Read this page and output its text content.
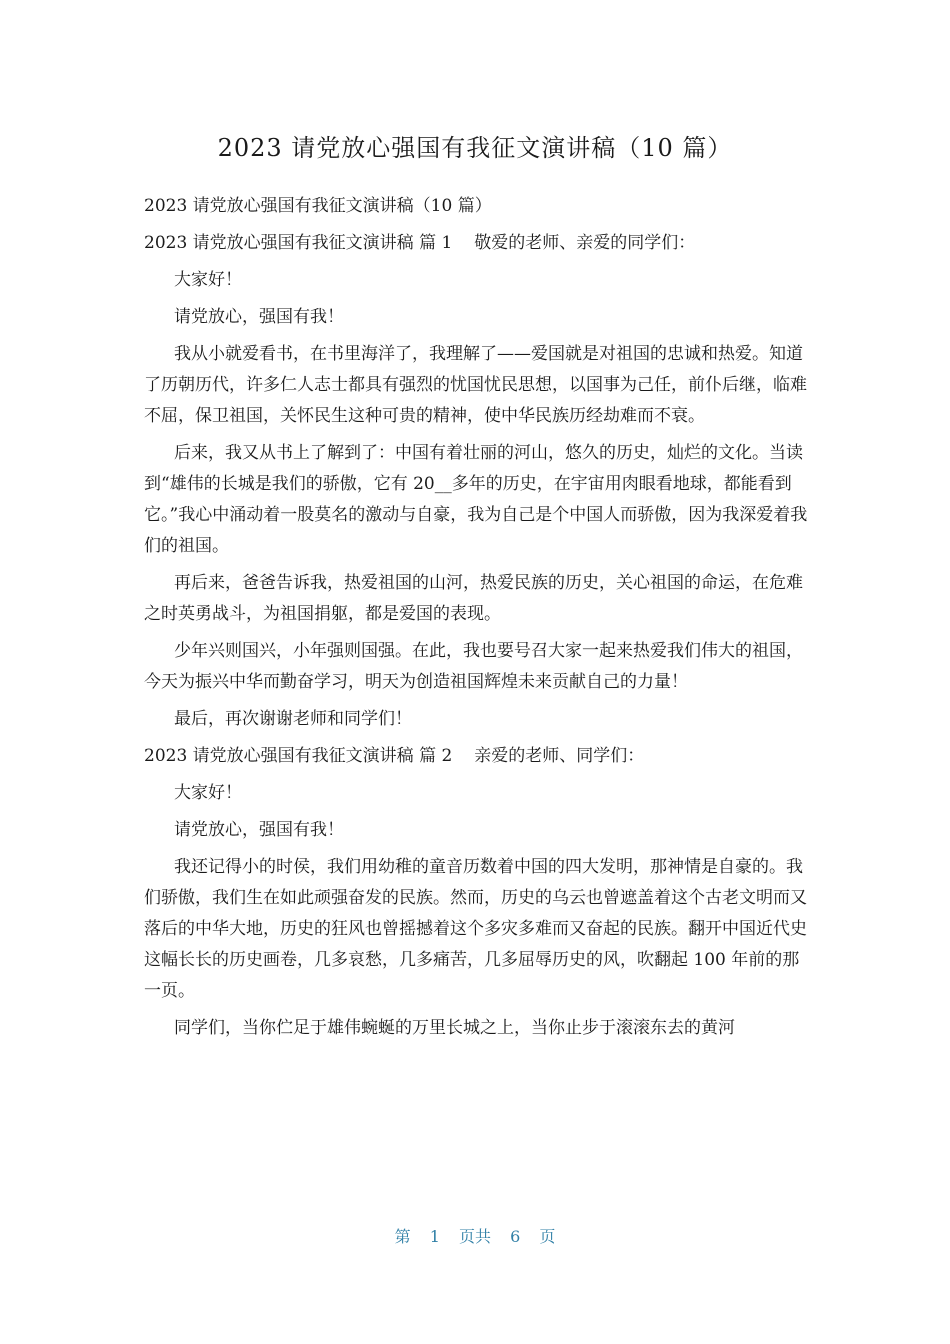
2023 请党放心强国有我征文演讲稿（10 篇）

2023 请党放心强国有我征文演讲稿（10 篇）

2023 请党放心强国有我征文演讲稿 篇 1 敬爱的老师、亲爱的同学们：

大家好！

请党放心，强国有我！

我从小就爱看书，在书里海洋了，我理解了——爱国就是对祖国的忠诚和热爱。知道了历朝历代，许多仁人志士都具有强烈的忧国忧民思想，以国事为己任，前仆后继，临难不屈，保卫祖国，关怀民生这种可贵的精神，使中华民族历经劫难而不衰。

后来，我又从书上了解到了：中国有着壮丽的河山，悠久的历史，灿烂的文化。当读到“雄伟的长城是我们的骄傲，它有 20__多年的历史，在宇宙用肉眼看地球，都能看到它。”我心中涌动着一股莫名的激动与自豪，我为自己是个中国人而骄傲，因为我深爱着我们的祖国。

再后来，爸爸告诉我，热爱祖国的山河，热爱民族的历史，关心祖国的命运，在危难之时英勇战斗，为祖国捐躯，都是爱国的表现。

少年兴则国兴，小年强则国强。在此，我也要号召大家一起来热爱我们伟大的祖国，今天为振兴中华而勤奋学习，明天为创造祖国辉煌未来贡献自己的力量！

最后，再次谢谢老师和同学们！

2023 请党放心强国有我征文演讲稿 篇 2 亲爱的老师、同学们：

大家好！

请党放心，强国有我！

我还记得小的时侯，我们用幼稚的童音历数着中国的四大发明，那神情是自豪的。我们骄傲，我们生在如此顽强奋发的民族。然而，历史的乌云也曾遮盖着这个古老文明而又落后的中华大地，历史的狂风也曾摇撼着这个多灾多难而又奋起的民族。翻开中国近代史这幅长长的历史画卷，几多哀愁，几多痛苦，几多屈辱历史的风，吹翻起 100 年前的那一页。

同学们，当你伫足于雄伟蜿蜒的万里长城之上，当你止步于滚滚东去的黄河

第 1 页共 6 页
